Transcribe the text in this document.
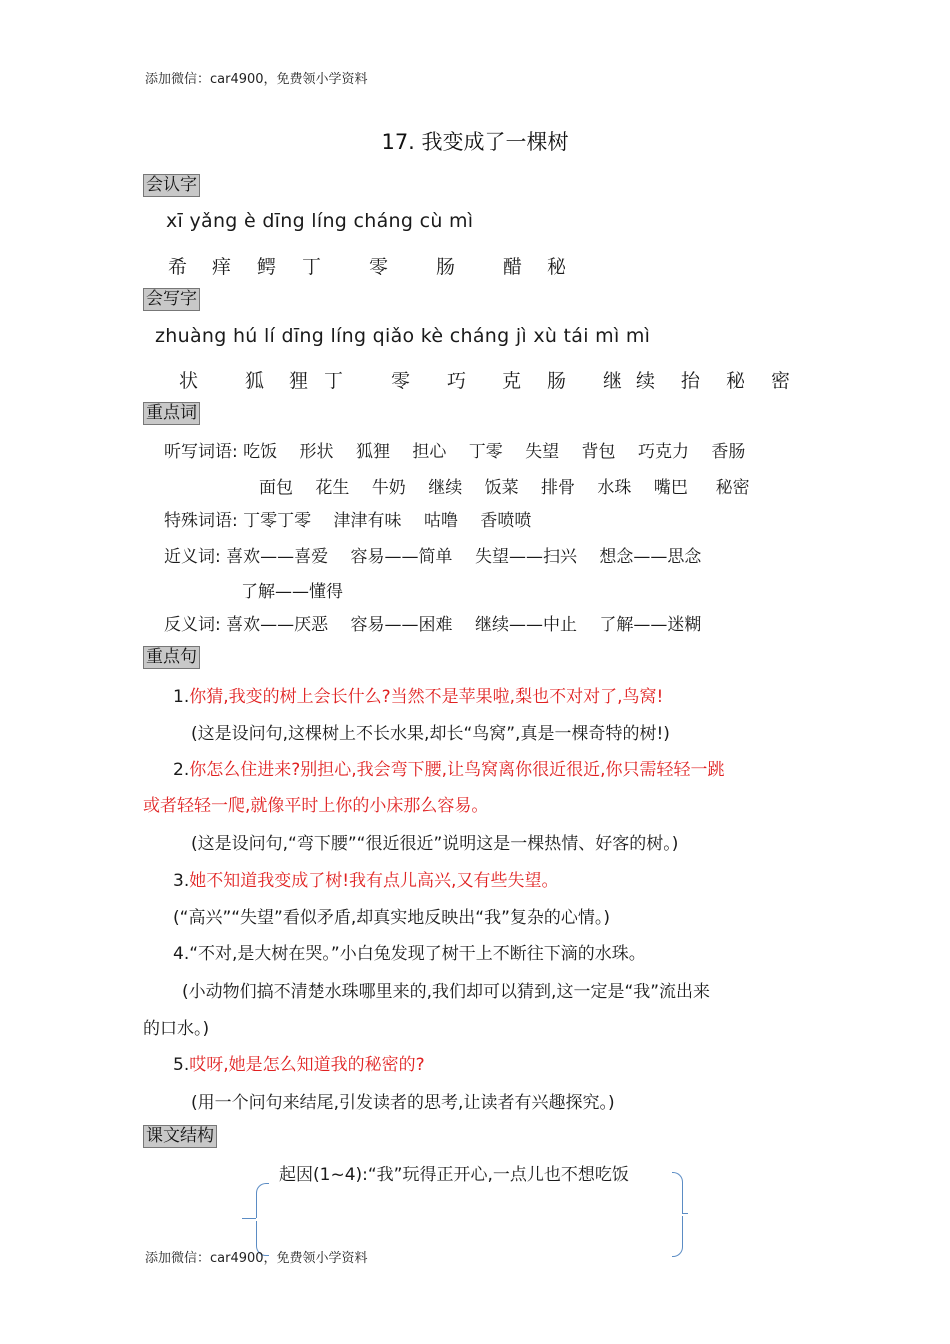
添加微信：car4900，免费领小学资料
17. 我变成了一棵树
会认字
xī yǎng è dīng líng cháng cù mì
希 痒 鳄 丁	零	肠	醋 秘
会写字
zhuàng hú lí dīng líng qiǎo kè cháng jì xù tái mì mì
状 狐 狸 丁	零 巧 克 肠 继 续 抬 秘 密
重点词
听写词语: 吃饭　 形状 　狐狸 　担心 　丁零 　失望 　背包 　巧克力 　香肠
面包 　花生 　牛奶 　继续 　饭菜 　排骨 　水珠 　嘴巴 　 秘密
特殊词语: 丁零丁零 　津津有味 　咕噜 　香喷喷
近义词: 喜欢——喜爱 　容易——简单 　失望——扫兴 　想念——思念
了解——懂得
反义词: 喜欢——厌恶 　容易——困难 　继续——中止 　了解——迷糊
重点句
1.你猜,我变的树上会长什么?当然不是苹果啦,梨也不对对了,鸟窝!
(这是设问句,这棵树上不长水果,却长“鸟窝”,真是一棵奇特的树!)
2.你怎么住进来?别担心,我会弯下腰,让鸟窝离你很近很近,你只需轻轻一跳
或者轻轻一爬,就像平时上你的小床那么容易。
(这是设问句,“弯下腰”“很近很近”说明这是一棵热情、好客的树。)
3.她不知道我变成了树!我有点儿高兴,又有些失望。
(“高兴”“失望”看似矛盾,却真实地反映出“我”复杂的心情。)
4.“不对,是大树在哭。”小白兔发现了树干上不断往下滴的水珠。
(小动物们搞不清楚水珠哪里来的,我们却可以猜到,这一定是“我”流出来
的口水。)
5.哎呀,她是怎么知道我的秘密的?
(用一个问句来结尾,引发读者的思考,让读者有兴趣探究。)
课文结构
起因(1~4):“我”玩得正开心,一点儿也不想吃饭
添加微信：car4900，免费领小学资料
